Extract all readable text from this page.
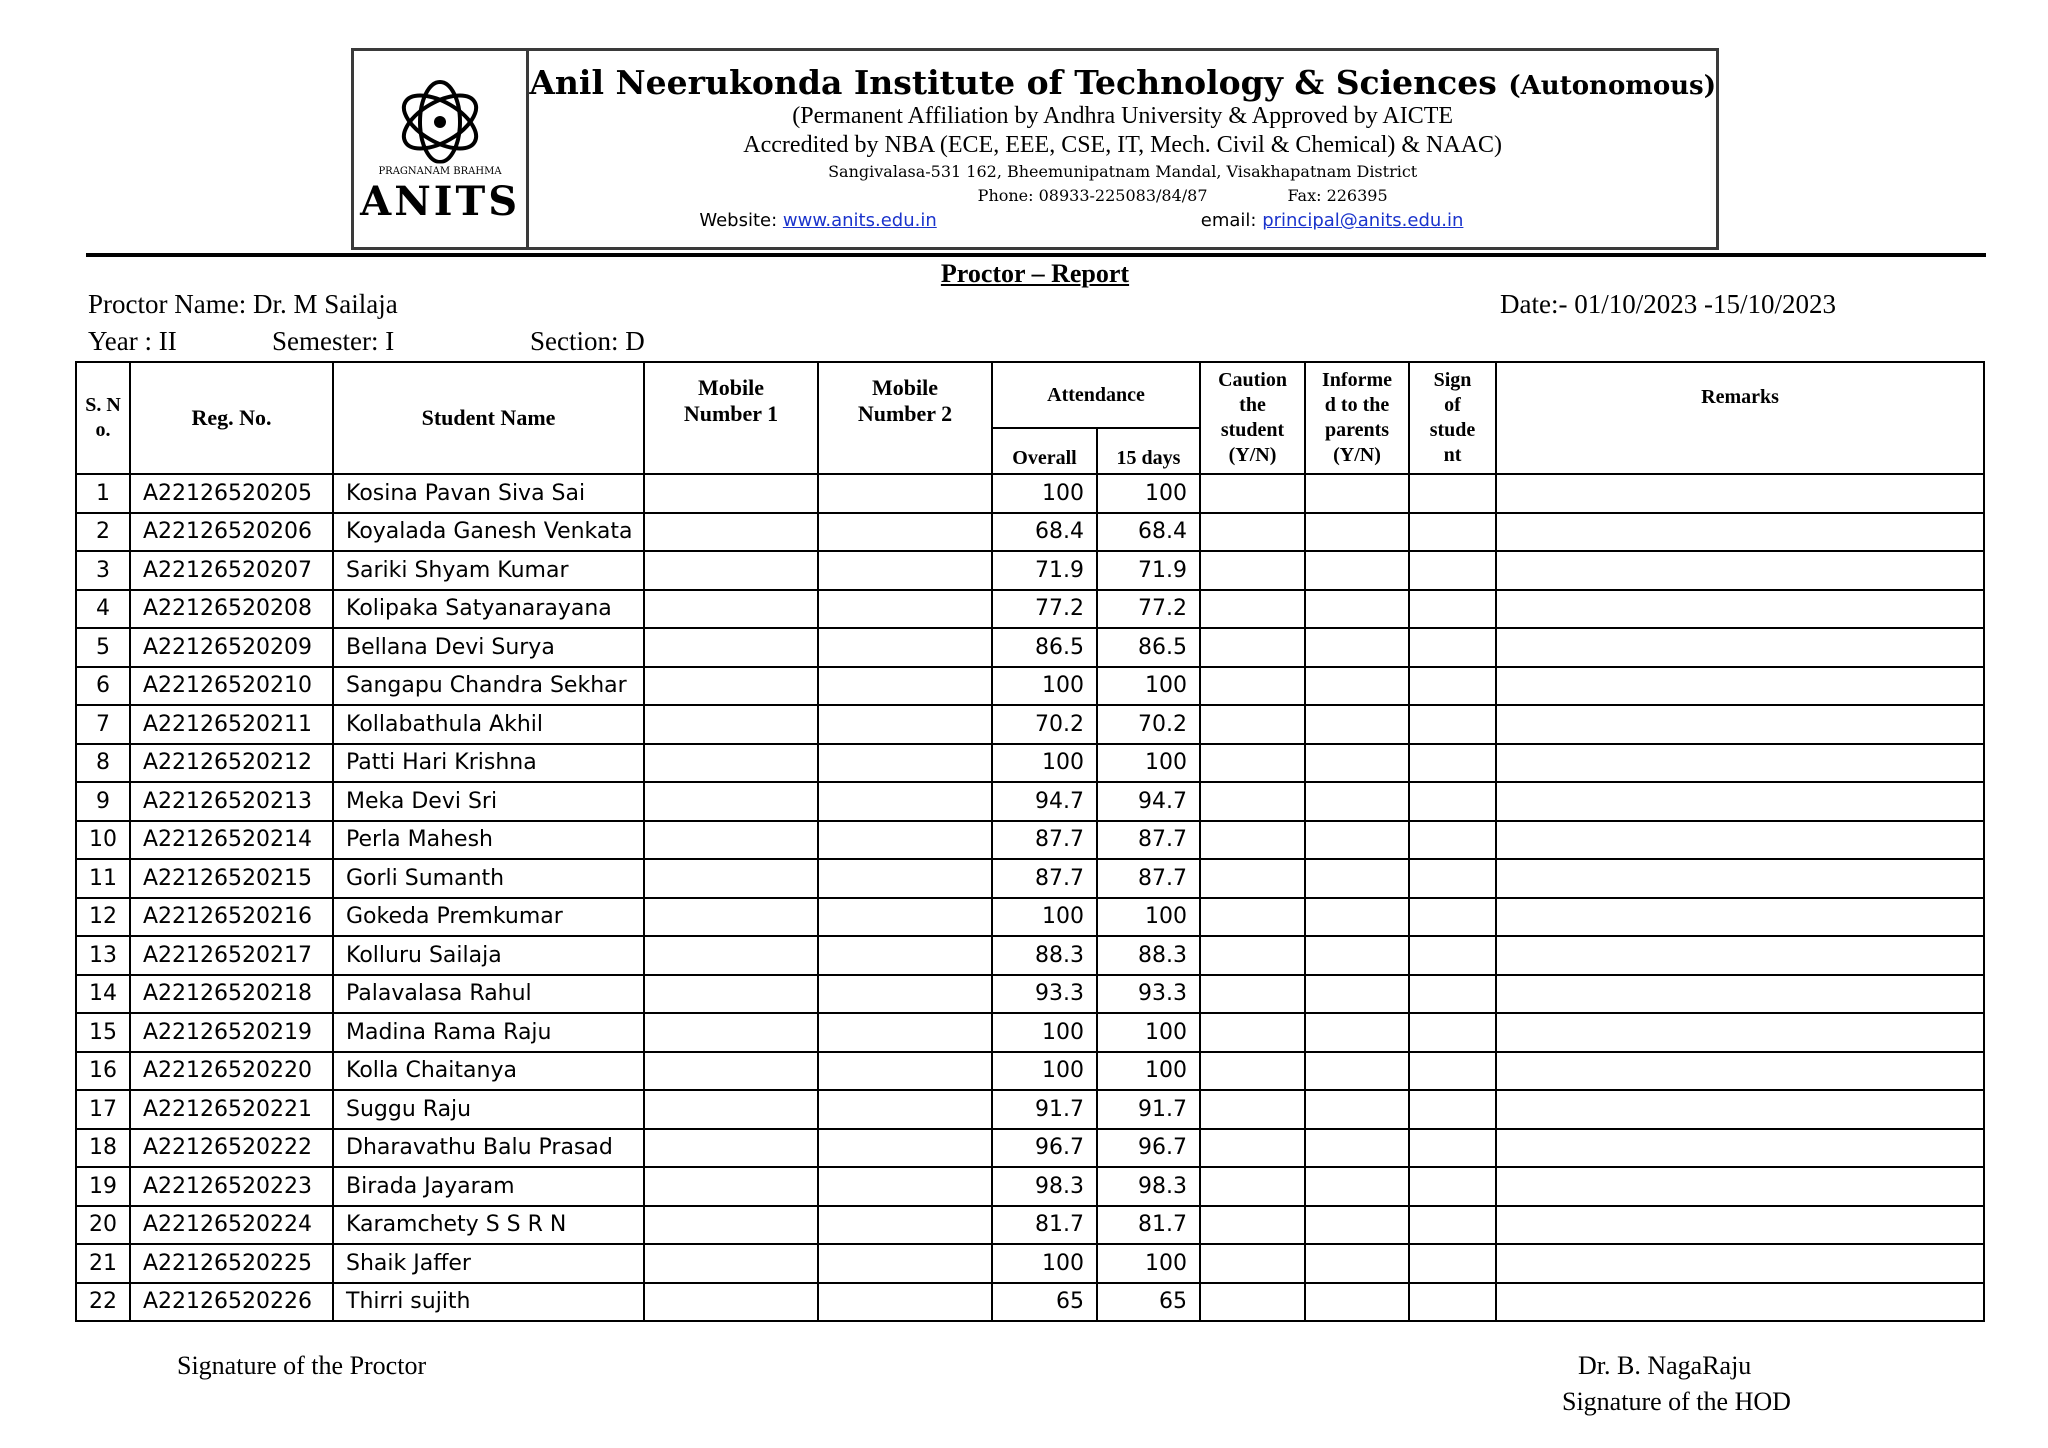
PRAGNANAM BRAHMA
ANITS
Anil Neerukonda Institute of Technology & Sciences (Autonomous)
(Permanent Affiliation by Andhra University & Approved by AICTE
Accredited by NBA (ECE, EEE, CSE, IT, Mech. Civil & Chemical) & NAAC)
Sangivalasa-531 162, Bheemunipatnam Mandal, Visakhapatnam District
Phone: 08933-225083/84/87	Fax: 226395
Website: www.anits.edu.in	email: principal@anits.edu.in
Proctor – Report
Proctor Name: Dr. M Sailaja	Date:- 01/10/2023 -15/10/2023
Year : II	Semester: I	Section: D
S. N o.	Reg. No.	Student Name	Mobile Number 1	Mobile Number 2	Attendance		Caution the student (Y/N)	Informe d to the parents (Y/N)	Sign of stude nt	Remarks
					Overall	15 days				
1	A22126520205	Kosina Pavan Siva Sai			100	100				
2	A22126520206	Koyalada Ganesh Venkata			68.4	68.4				
3	A22126520207	Sariki Shyam Kumar			71.9	71.9				
4	A22126520208	Kolipaka Satyanarayana			77.2	77.2				
5	A22126520209	Bellana Devi Surya			86.5	86.5				
6	A22126520210	Sangapu Chandra Sekhar			100	100				
7	A22126520211	Kollabathula Akhil			70.2	70.2				
8	A22126520212	Patti Hari Krishna			100	100				
9	A22126520213	Meka Devi Sri			94.7	94.7				
10	A22126520214	Perla Mahesh			87.7	87.7				
11	A22126520215	Gorli Sumanth			87.7	87.7				
12	A22126520216	Gokeda Premkumar			100	100				
13	A22126520217	Kolluru Sailaja			88.3	88.3				
14	A22126520218	Palavalasa Rahul			93.3	93.3				
15	A22126520219	Madina Rama Raju			100	100				
16	A22126520220	Kolla Chaitanya			100	100				
17	A22126520221	Suggu Raju			91.7	91.7				
18	A22126520222	Dharavathu Balu Prasad			96.7	96.7				
19	A22126520223	Birada Jayaram			98.3	98.3				
20	A22126520224	Karamchety S S R N			81.7	81.7				
21	A22126520225	Shaik Jaffer			100	100				
22	A22126520226	Thirri sujith			65	65				
Signature of the Proctor	Dr. B. NagaRaju
Signature of the HOD
